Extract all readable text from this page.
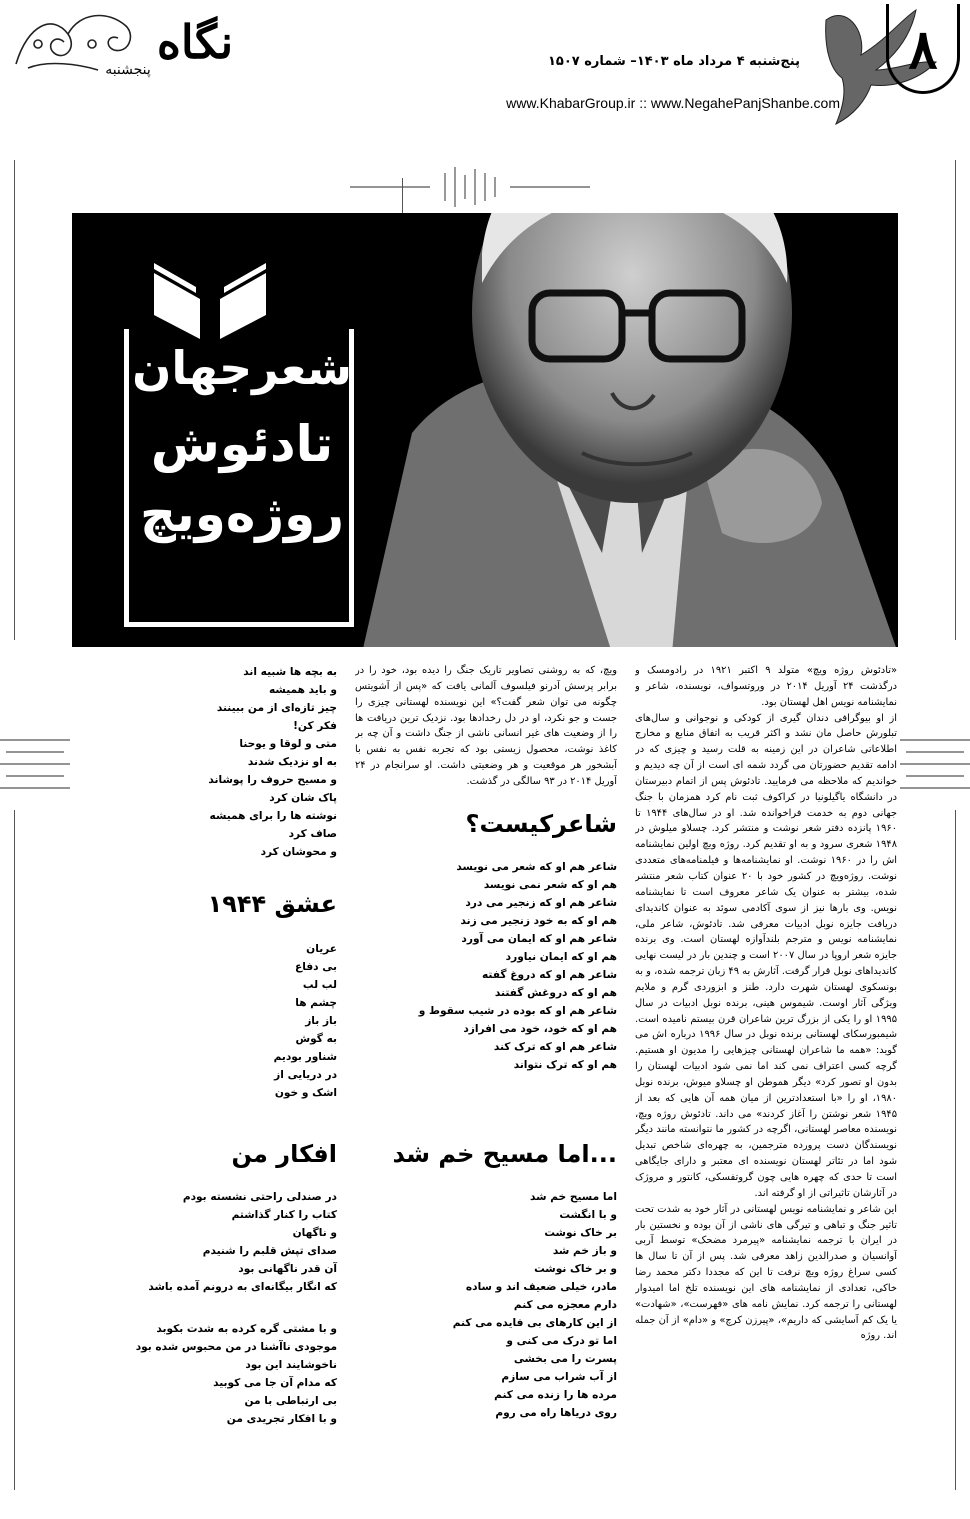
نگاه
پنجشنبه
پنج‌شنبه ۴ مرداد ماه ۱۴۰۳– شماره ۱۵۰۷
www.KhabarGroup.ir :: www.NegahePanjShanbe.com
۸
شعرجهان
تادئوش
روژه‌ویچ

«تادئوش روژه ویچ» متولد ۹ اکتبر ۱۹۲۱ در رادومسک و درگذشت ۲۴ آوریل ۲۰۱۴ در وروتسواف، نویسنده، شاعر و نمایشنامه نویس اهل لهستان بود.

از او بیوگرافی دندان گیری از کودکی و نوجوانی و سال‌های تبلورش حاصل مان نشد و اکثر قریب به اتفاق منابع و مخارج اطلاعاتی شاعران در این زمینه به قلت رسید و چیزی که در ادامه تقدیم حضورتان می گردد شمه ای است از آن چه دیدیم و خواندیم که ملاحظه می فرمایید. تادئوش پس از اتمام دبیرستان در دانشگاه یاگیلونیا در کراکوف ثبت نام کرد همزمان با جنگ جهانی دوم به خدمت فراخوانده شد. او در سال‌های ۱۹۴۴ تا ۱۹۶۰ پانزده دفتر شعر نوشت و منتشر کرد. چسلاو میلوش در ۱۹۴۸ شعری سرود و به او تقدیم کرد. روژه ویچ اولین نمایشنامه اش را در ۱۹۶۰ نوشت. او نمایشنامه‌ها و فیلمنامه‌های متعددی نوشت. روژه‌ویچ در کشور خود با ۲۰ عنوان کتاب شعر منتشر شده، بیشتر به عنوان یک شاعر معروف است تا نمایشنامه نویس. وی بارها نیز از سوی آکادمی سوئد به عنوان کاندیدای دریافت جایزه نوبل ادبیات معرفی شد. تادئوش، شاعر ملی، نمایشنامه نویس و مترجم بلندآوازه لهستان است. وی برنده جایزه شعر اروپا در سال ۲۰۰۷ است و چندین بار در لیست نهایی کاندیداهای نوبل قرار گرفت. آثارش به ۴۹ زبان ترجمه شده، و به بونسکوی لهستان شهرت دارد. طنز و ابزوردی گرم و ملایم ویژگی آثار اوست. شیموس هینی، برنده نوبل ادبیات در سال ۱۹۹۵ او را یکی از بزرگ ترین شاعران قرن بیستم نامیده است. شیمبورسکای لهستانی برنده نوبل در سال ۱۹۹۶ درباره اش می گوید: «همه ما شاعران لهستانی چیزهایی را مدیون او هستیم. گرچه کسی اعتراف نمی کند اما نمی شود ادبیات لهستان را بدون او تصور کرد» دیگر هموطن او چسلاو میوش، برنده نوبل ۱۹۸۰، او را «با استعدادترین از میان همه آن هایی که بعد از ۱۹۴۵ شعر نوشتن را آغاز کردند» می داند. تادئوش روژه ویچ، نویسنده معاصر لهستانی، اگرچه در کشور ما نتوانسته مانند دیگر نویسندگان دست پرورده مترجمین، به چهره‌ای شاخص تبدیل شود اما در تئاتر لهستان نویسنده ای معتبر و دارای جایگاهی است تا حدی که چهره هایی چون گروتفسکی، کانتور و مروژک در آثارشان تاثیراتی از او گرفته اند.

این شاعر و نمایشنامه نویس لهستانی در آثار خود به شدت تحت تاثیر جنگ و تباهی و تیرگی های ناشی از آن بوده و نخستین بار در ایران با ترجمه نمایشنامه «پیرمرد مضحک» توسط آربی آوانسیان و صدرالدین زاهد معرفی شد. پس از آن تا سال ها کسی سراغ روژه ویچ نرفت تا این که مجددا دکتر محمد رضا خاکی، تعدادی از نمایشنامه های این نویسنده تلخ اما امیدوار لهستانی را ترجمه کرد. نمایش نامه های «فهرست»، «شهادت» یا یک کم آسایشی که داریم»، «پیرزن کرچ» و «دام» از آن جمله اند. روژه

ویچ، که به روشنی تصاویر تاریک جنگ را دیده بود، خود را در برابر پرسش آدرنو فیلسوف آلمانی یافت که «پس از آشویتس چگونه می توان شعر گفت؟» این نویسنده لهستانی چیزی را جست و جو نکرد، او در دل رخدادها بود. نزدیک ترین دریافت ها را از وضعیت های غیر انسانی ناشی از جنگ داشت و آن چه بر کاغذ نوشت، محصول زیستی بود که تجربه نفس به نفس با آبشخور هر موقعیت و هر وضعیتی داشت. او سرانجام در ۲۴ آوریل ۲۰۱۴ در ۹۳ سالگی در گذشت.

شاعرکیست؟

شاعر هم او که شعر می نویسد

هم او که شعر نمی نویسد

شاعر هم او که زنجیر می درد

هم او که به خود زنجیر می زند

شاعر هم او که ایمان می آورد

هم او که ایمان نیاورد

شاعر هم او که دروغ گفته

هم او که دروغش گفتند

شاعر هم او که بوده در شیب سقوط و

هم او که خود، خود می افرازد

شاعر هم او که ترک کند

هم او که ترک نتواند

...اما مسیح خم شد

اما مسیح خم شد

و با انگشت

بر خاک نوشت

و باز خم شد

و بر خاک نوشت

مادر، خیلی ضعیف اند و ساده

دارم معجزه می کنم

از این کارهای بی فایده می کنم

اما تو درک می کنی و

پسرت را می بخشی

از آب شراب می سازم

مرده ها را زنده می کنم

روی دریاها راه می روم

به بچه ها شبیه اند

و باید همیشه

چیز تازه‌ای از من ببینند

فکر کن!

متی و لوقا و یوحنا

به او نزدیک شدند

و مسیح حروف را پوشاند

پاک شان کرد

نوشته ها را برای همیشه

صاف کرد

و محوشان کرد

عشق ۱۹۴۴

عریان

بی دفاع

لب لب

چشم ها

باز باز

به گوش

شناور بودیم

در دریایی از

اشک و خون

افکار من

در صندلی راحتی نشسته بودم

کتاب را کنار گذاشتم

و ناگهان

صدای تپش قلبم را شنیدم

آن قدر ناگهانی بود

که انگار بیگانه‌ای به درونم آمده باشد

و با مشتی گره کرده به شدت بکوبد

موجودی ناآشنا در من محبوس شده بود

ناخوشایند این بود

که مدام آن جا می کوبید

بی ارتباطی با من

و با افکار تجریدی من
